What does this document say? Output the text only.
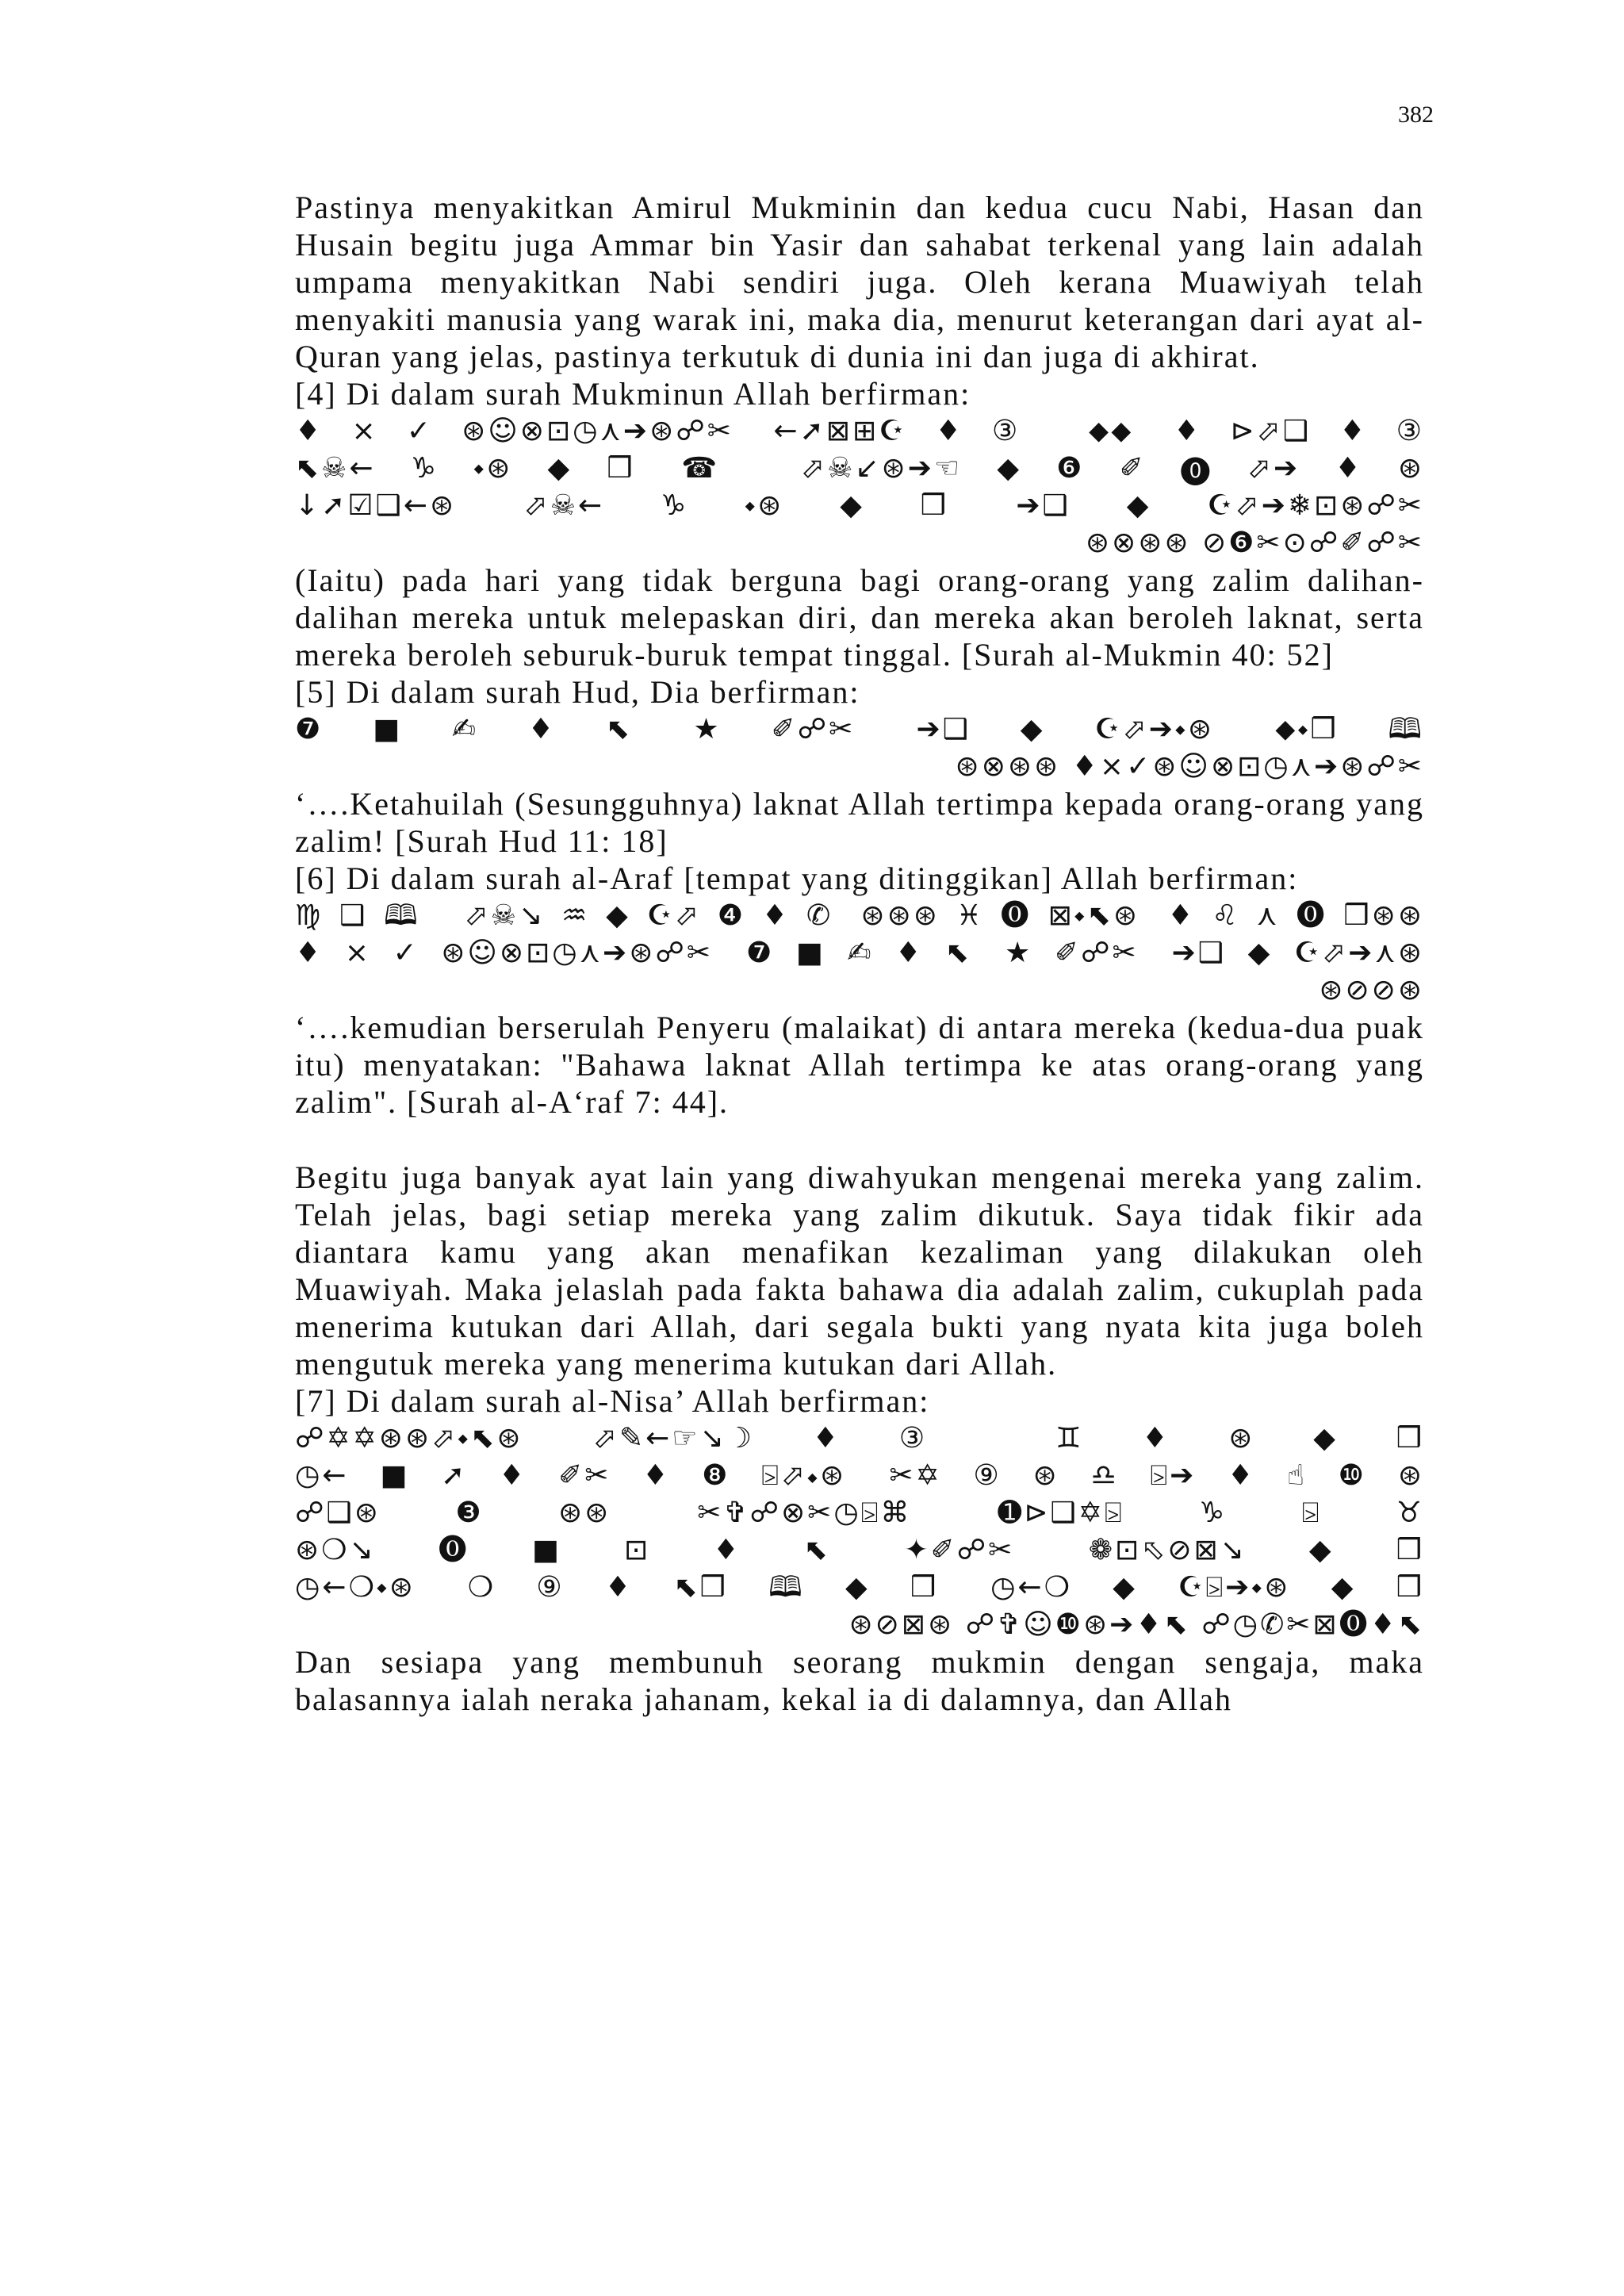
382

Pastinya menyakitkan Amirul Mukminin dan kedua cucu Nabi, Hasan dan Husain begitu juga Ammar bin Yasir dan sahabat terkenal yang lain adalah umpama menyakitkan Nabi sendiri juga. Oleh kerana Muawiyah telah menyakiti manusia yang warak ini, maka dia, menurut keterangan dari ayat al-Quran yang jelas, pastinya terkutuk di dunia ini dan juga di akhirat.

[4] Di dalam surah Mukminun Allah berfirman:

♦×✓⊛☺⊗⊡◷⋏➔⊛☍✂ ←➚⊠⊞☪♦③ ⬥⬥ ♦⊳⬀❑♦③

⬉☠←♑⬩⊛◆❒ ☎ ⬀☠↙⊛➔☜◆❻✐⓿⬀➔♦⊛

↓➚☑❑←⊛ ⬀☠←♑⬩⊛◆❒ ➔❑◆☪⬀➔❄⊡⊛☍✂

⊛⊗⊛⊛ ⊘❻✂⊙☍✐☍✂

(Iaitu) pada hari yang tidak berguna bagi orang-orang yang zalim dalihan-dalihan mereka untuk melepaskan diri, dan mereka akan beroleh laknat, serta mereka beroleh seburuk-buruk tempat tinggal. [Surah al-Mukmin 40: 52]

[5] Di dalam surah Hud, Dia berfirman:

❼■✍♦⬉ ★✐☍✂ ➔❑◆☪⬀➔⬩⊛ ⬥⬩❒🕮

⊛⊗⊛⊛ ♦×✓⊛☺⊗⊡◷⋏➔⊛☍✂

‘….Ketahuilah (Sesungguhnya) laknat Allah tertimpa kepada orang-orang yang zalim! [Surah Hud 11: 18]

[6] Di dalam surah al-Araf [tempat yang ditinggikan] Allah berfirman:

♍❑🕮 ⬀☠↘♒◆☪⬀❹♦✆ ⊛⊛⊛♓⓿⊠⬩⬉⊛ ♦♌⋏⓿❒⊛⊛

♦×✓⊛☺⊗⊡◷⋏➔⊛☍✂ ❼■✍♦⬉ ★✐☍✂ ➔❑◆☪⬀➔⋏⊛

⊛⊘⊘⊛

‘….kemudian berserulah Penyeru (malaikat) di antara mereka (kedua-dua puak itu) menyatakan: "Bahawa laknat Allah tertimpa ke atas orang-orang yang zalim". [Surah al-A‘raf 7: 44].

Begitu juga banyak ayat lain yang diwahyukan mengenai mereka yang zalim. Telah jelas, bagi setiap mereka yang zalim dikutuk. Saya tidak fikir ada diantara kamu yang akan menafikan kezaliman yang dilakukan oleh Muawiyah. Maka jelaslah pada fakta bahawa dia adalah zalim, cukuplah pada menerima kutukan dari Allah, dari segala bukti yang nyata kita juga boleh mengutuk mereka yang menerima kutukan dari Allah.

[7] Di dalam surah al-Nisa’ Allah berfirman:

☍✡✡⊛⊛⬀⬩⬉⊛ ⬀✎←☞↘☽♦③ ♊♦⊛◆❒

◷←■➚♦✐✂♦❽⍄⬀⬩⊛ ✂✡⑨⊛♎⍄➔♦☝❿⊛

☍❑⊛❸⊛⊛ ✂✞☍⊗✂◷⍄⌘ ➊⊳❑✡⍄♑⍄♉

⊛❍↘⓿■⊡♦⬉ ✦✐☍✂ ❁⊡⬁⊘⊠↘◆❒

◷←❍⬩⊛ ❍⑨♦⬉❒🕮◆❒ ◷←❍◆☪⍄➔⬩⊛◆❒

⊛⊘⊠⊛ ☍✞☺❿⊛➔♦⬉ ☍◷✆✂⊠⓿♦⬉

Dan sesiapa yang membunuh seorang mukmin dengan sengaja, maka balasannya ialah neraka jahanam, kekal ia di dalamnya, dan Allah
